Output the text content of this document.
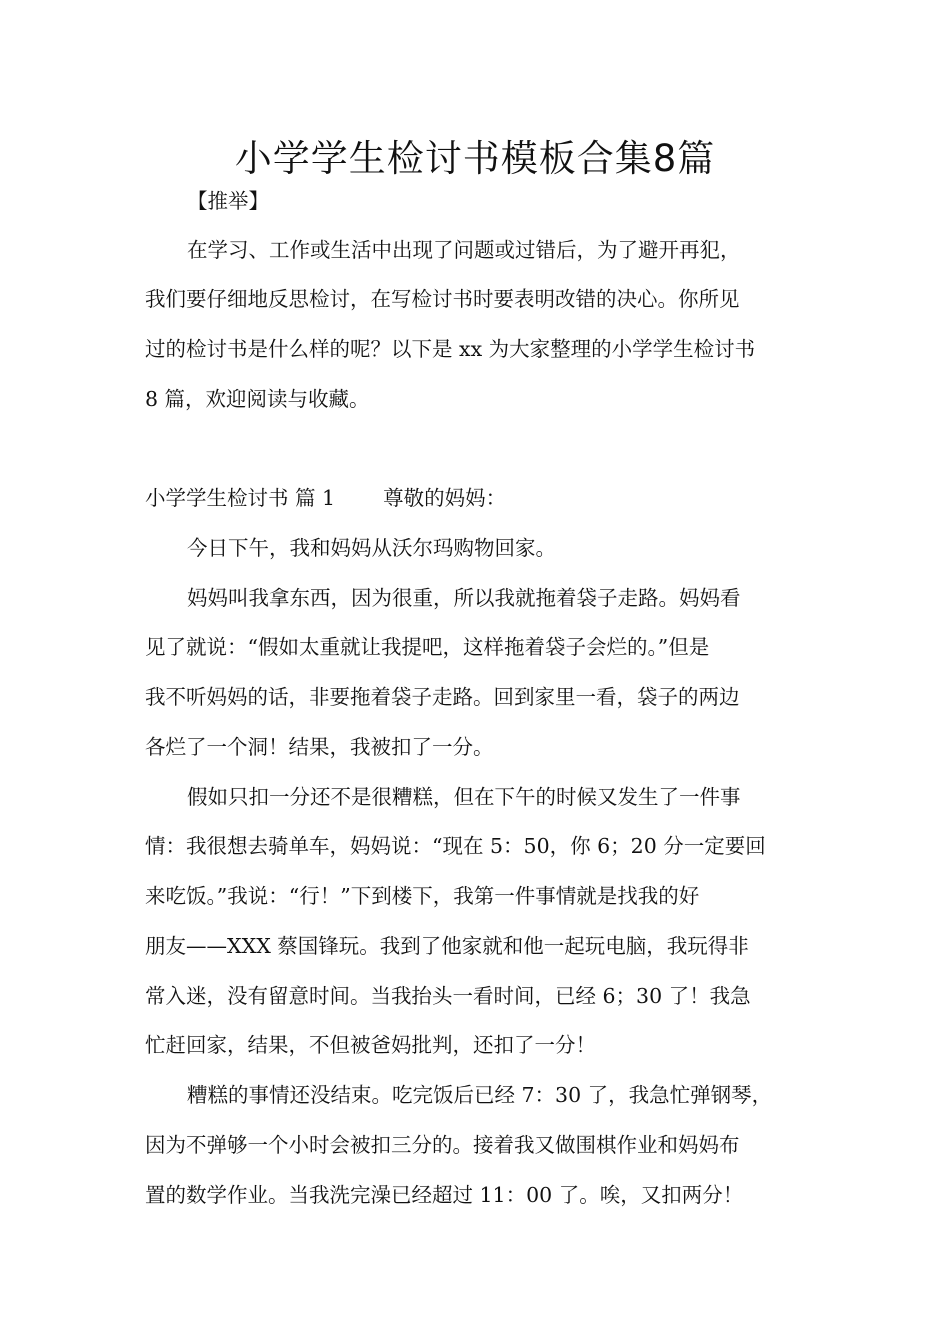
小学学生检讨书模板合集8篇

【推举】

在学习、工作或生活中出现了问题或过错后，为了避开再犯，

我们要仔细地反思检讨，在写检讨书时要表明改错的决心。你所见

过的检讨书是什么样的呢？以下是 xx 为大家整理的小学学生检讨书

8 篇，欢迎阅读与收藏。

小学学生检讨书 篇 1 尊敬的妈妈：

今日下午，我和妈妈从沃尔玛购物回家。

妈妈叫我拿东西，因为很重，所以我就拖着袋子走路。妈妈看

见了就说：“假如太重就让我提吧，这样拖着袋子会烂的。”但是

我不听妈妈的话，非要拖着袋子走路。回到家里一看，袋子的两边

各烂了一个洞！结果，我被扣了一分。

假如只扣一分还不是很糟糕，但在下午的时候又发生了一件事

情：我很想去骑单车，妈妈说：“现在 5：50，你 6；20 分一定要回

来吃饭。”我说：“行！”下到楼下，我第一件事情就是找我的好

朋友——XXX 蔡国锋玩。我到了他家就和他一起玩电脑，我玩得非

常入迷，没有留意时间。当我抬头一看时间，已经 6；30 了！我急

忙赶回家，结果，不但被爸妈批判，还扣了一分！

糟糕的事情还没结束。吃完饭后已经 7：30 了，我急忙弹钢琴，

因为不弹够一个小时会被扣三分的。接着我又做围棋作业和妈妈布

置的数学作业。当我洗完澡已经超过 11：00 了。唉，又扣两分！
